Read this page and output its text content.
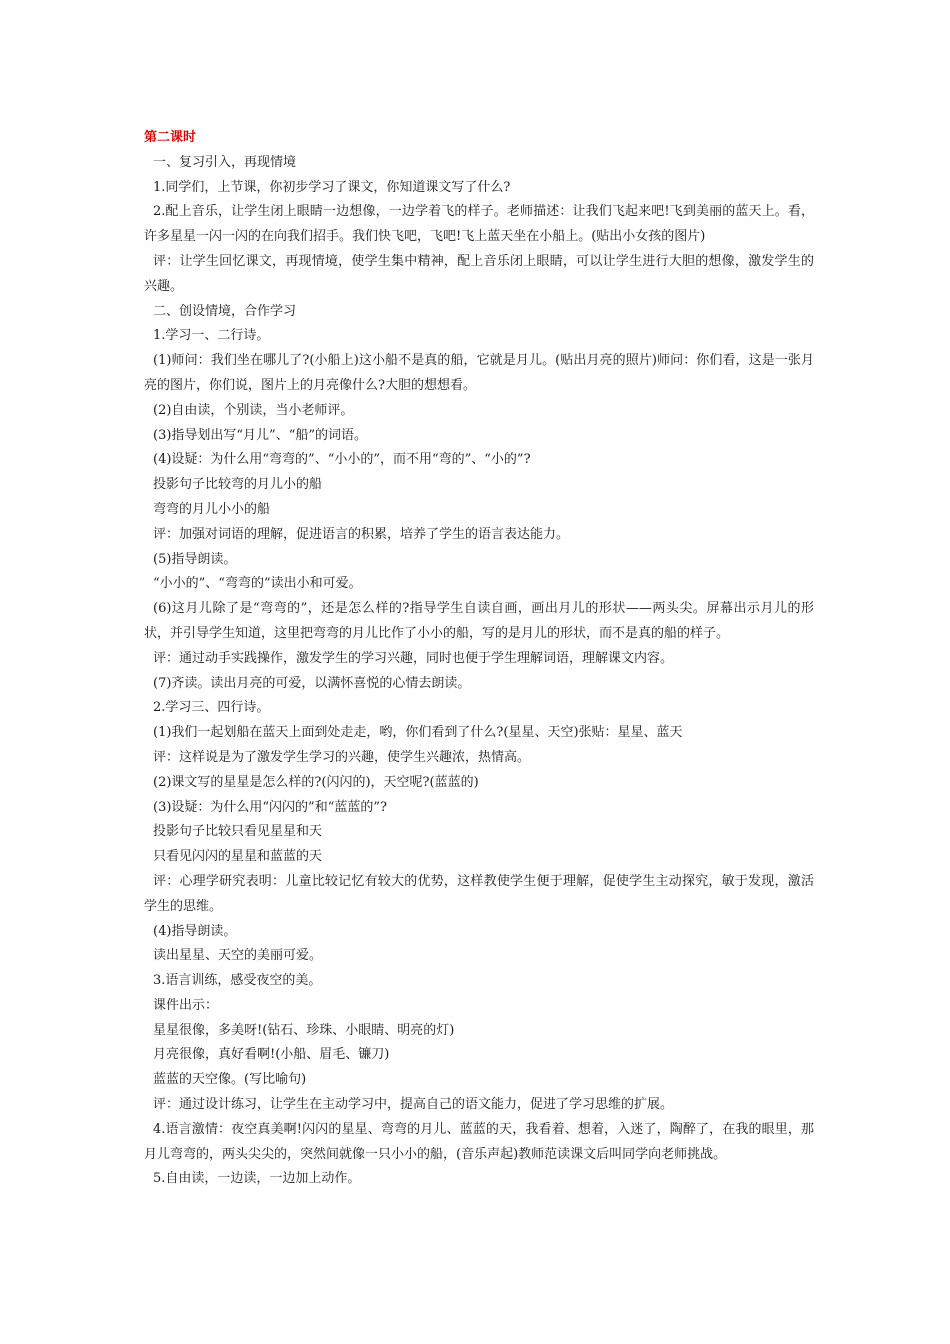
第二课时

一、复习引入，再现情境

1.同学们，上节课，你初步学习了课文，你知道课文写了什么?

2.配上音乐，让学生闭上眼睛一边想像，一边学着飞的样子。老师描述：让我们飞起来吧!飞到美丽的蓝天上。看，许多星星一闪一闪的在向我们招手。我们快飞吧，飞吧!飞上蓝天坐在小船上。(贴出小女孩的图片)

评：让学生回忆课文，再现情境，使学生集中精神，配上音乐闭上眼睛，可以让学生进行大胆的想像，激发学生的兴趣。

二、创设情境，合作学习

1.学习一、二行诗。

(1)师问：我们坐在哪儿了?(小船上)这小船不是真的船，它就是月儿。(贴出月亮的照片)师问：你们看，这是一张月亮的图片，你们说，图片上的月亮像什么?大胆的想想看。

(2)自由读，个别读，当小老师评。

(3)指导划出写“月儿”、“船”的词语。

(4)设疑：为什么用“弯弯的”、“小小的”，而不用“弯的”、“小的”?

投影句子比较弯的月儿小的船

弯弯的月儿小小的船

评：加强对词语的理解，促进语言的积累，培养了学生的语言表达能力。

(5)指导朗读。

“小小的”、“弯弯的”读出小和可爱。

(6)这月儿除了是“弯弯的”，还是怎么样的?指导学生自读自画，画出月儿的形状——两头尖。屏幕出示月儿的形状，并引导学生知道，这里把弯弯的月儿比作了小小的船，写的是月儿的形状，而不是真的船的样子。

评：通过动手实践操作，激发学生的学习兴趣，同时也便于学生理解词语，理解课文内容。

(7)齐读。读出月亮的可爱，以满怀喜悦的心情去朗读。

2.学习三、四行诗。

(1)我们一起划船在蓝天上面到处走走，哟，你们看到了什么?(星星、天空)张贴：星星、蓝天

评：这样说是为了激发学生学习的兴趣，使学生兴趣浓，热情高。

(2)课文写的星星是怎么样的?(闪闪的)，天空呢?(蓝蓝的)

(3)设疑：为什么用“闪闪的”和“蓝蓝的”?

投影句子比较只看见星星和天

只看见闪闪的星星和蓝蓝的天

评：心理学研究表明：儿童比较记忆有较大的优势，这样教使学生便于理解，促使学生主动探究，敏于发现，激活学生的思维。

(4)指导朗读。

读出星星、天空的美丽可爱。

3.语言训练，感受夜空的美。

课件出示：

星星很像，多美呀!(钻石、珍珠、小眼睛、明亮的灯)

月亮很像，真好看啊!(小船、眉毛、镰刀)

蓝蓝的天空像。(写比喻句)

评：通过设计练习，让学生在主动学习中，提高自己的语文能力，促进了学习思维的扩展。

4.语言激情：夜空真美啊!闪闪的星星、弯弯的月儿、蓝蓝的天，我看着、想着，入迷了，陶醉了，在我的眼里，那月儿弯弯的，两头尖尖的，突然间就像一只小小的船，(音乐声起)教师范读课文后叫同学向老师挑战。

5.自由读，一边读，一边加上动作。
